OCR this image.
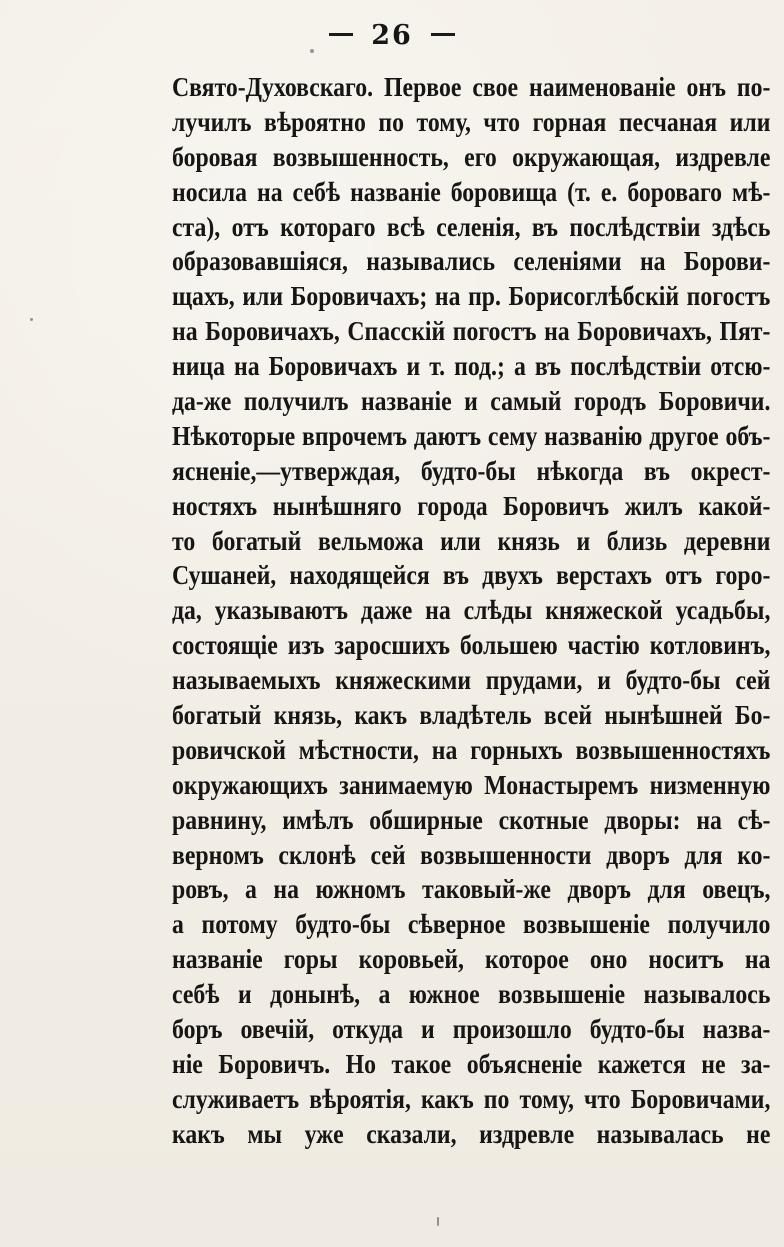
26
Свято-Духовскаго. Первое свое наименованіе онъ по-
лучилъ вѣроятно по тому, что горная песчаная или
боровая возвышенность, его окружающая, издревле
носила на себѣ названіе боровища (т. е. бороваго мѣ-
ста), отъ котораго всѣ селенія, въ послѣдствіи здѣсь
образовавшіяся, назывались селеніями на Борови-
щахъ, или Боровичахъ; на пр. Борисоглѣбскій погостъ
на Боровичахъ, Спасскій погостъ на Боровичахъ, Пят-
ница на Боровичахъ и т. под.; а въ послѣдствіи отсю-
да-же получилъ названіе и самый городъ Боровичи.
Нѣкоторые впрочемъ даютъ сему названію другое объ-
ясненіе,—утверждая, будто-бы нѣкогда въ окрест-
ностяхъ нынѣшняго города Боровичъ жилъ какой-
то богатый вельможа или князь и близь деревни
Сушаней, находящейся въ двухъ верстахъ отъ горо-
да, указываютъ даже на слѣды княжеской усадьбы,
состоящіе изъ заросшихъ большею частію котловинъ,
называемыхъ княжескими прудами, и будто-бы сей
богатый князь, какъ владѣтель всей нынѣшней Бо-
ровичской мѣстности, на горныхъ возвышенностяхъ
окружающихъ занимаемую Монастыремъ низменную
равнину, имѣлъ обширные скотные дворы: на сѣ-
верномъ склонѣ сей возвышенности дворъ для ко-
ровъ, а на южномъ таковый-же дворъ для овецъ,
а потому будто-бы сѣверное возвышеніе получило
названіе горы коровьей, которое оно носитъ на
себѣ и донынѣ, а южное возвышеніе называлось
боръ овечій, откуда и произошло будто-бы назва-
ніе Боровичъ. Но такое объясненіе кажется не за-
служиваетъ вѣроятія, какъ по тому, что Боровичами,
какъ мы уже сказали, издревле называлась не
